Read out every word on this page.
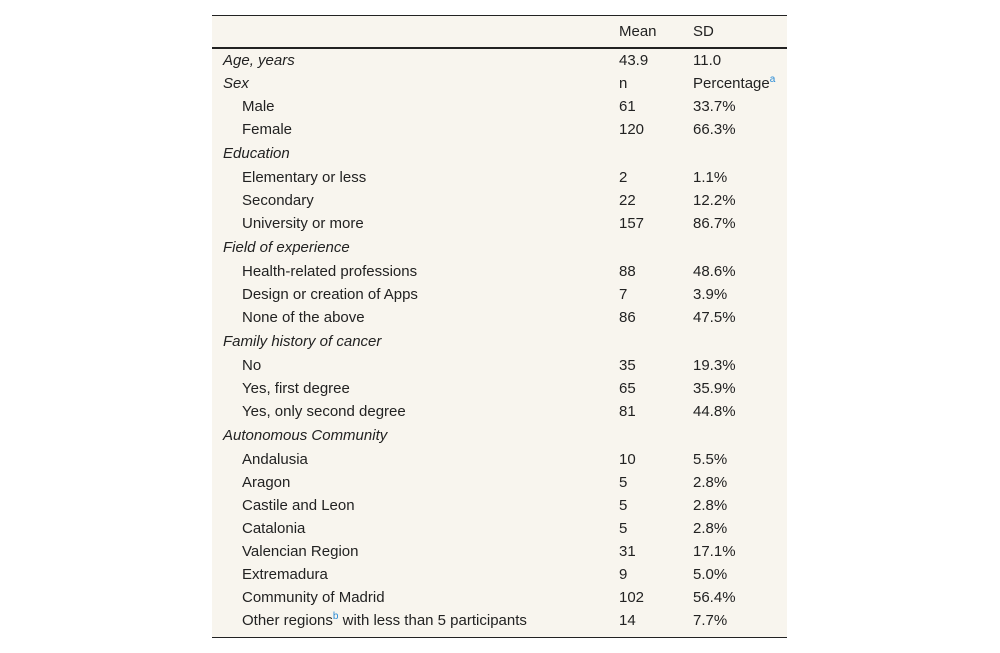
	Mean	SD
Age, years	43.9	11.0
Sex	n	Percentage$^a$
Male	61	33.7%
Female	120	66.3%
Education		
Elementary or less	2	1.1%
Secondary	22	12.2%
University or more	157	86.7%
Field of experience		
Health-related professions	88	48.6%
Design or creation of Apps	7	3.9%
None of the above	86	47.5%
Family history of cancer		
No	35	19.3%
Yes, first degree	65	35.9%
Yes, only second degree	81	44.8%
Autonomous Community		
Andalusia	10	5.5%
Aragon	5	2.8%
Castile and Leon	5	2.8%
Catalonia	5	2.8%
Valencian Region	31	17.1%
Extremadura	9	5.0%
Community of Madrid	102	56.4%
Other regions$^b$ with less than 5 participants	14	7.7%
